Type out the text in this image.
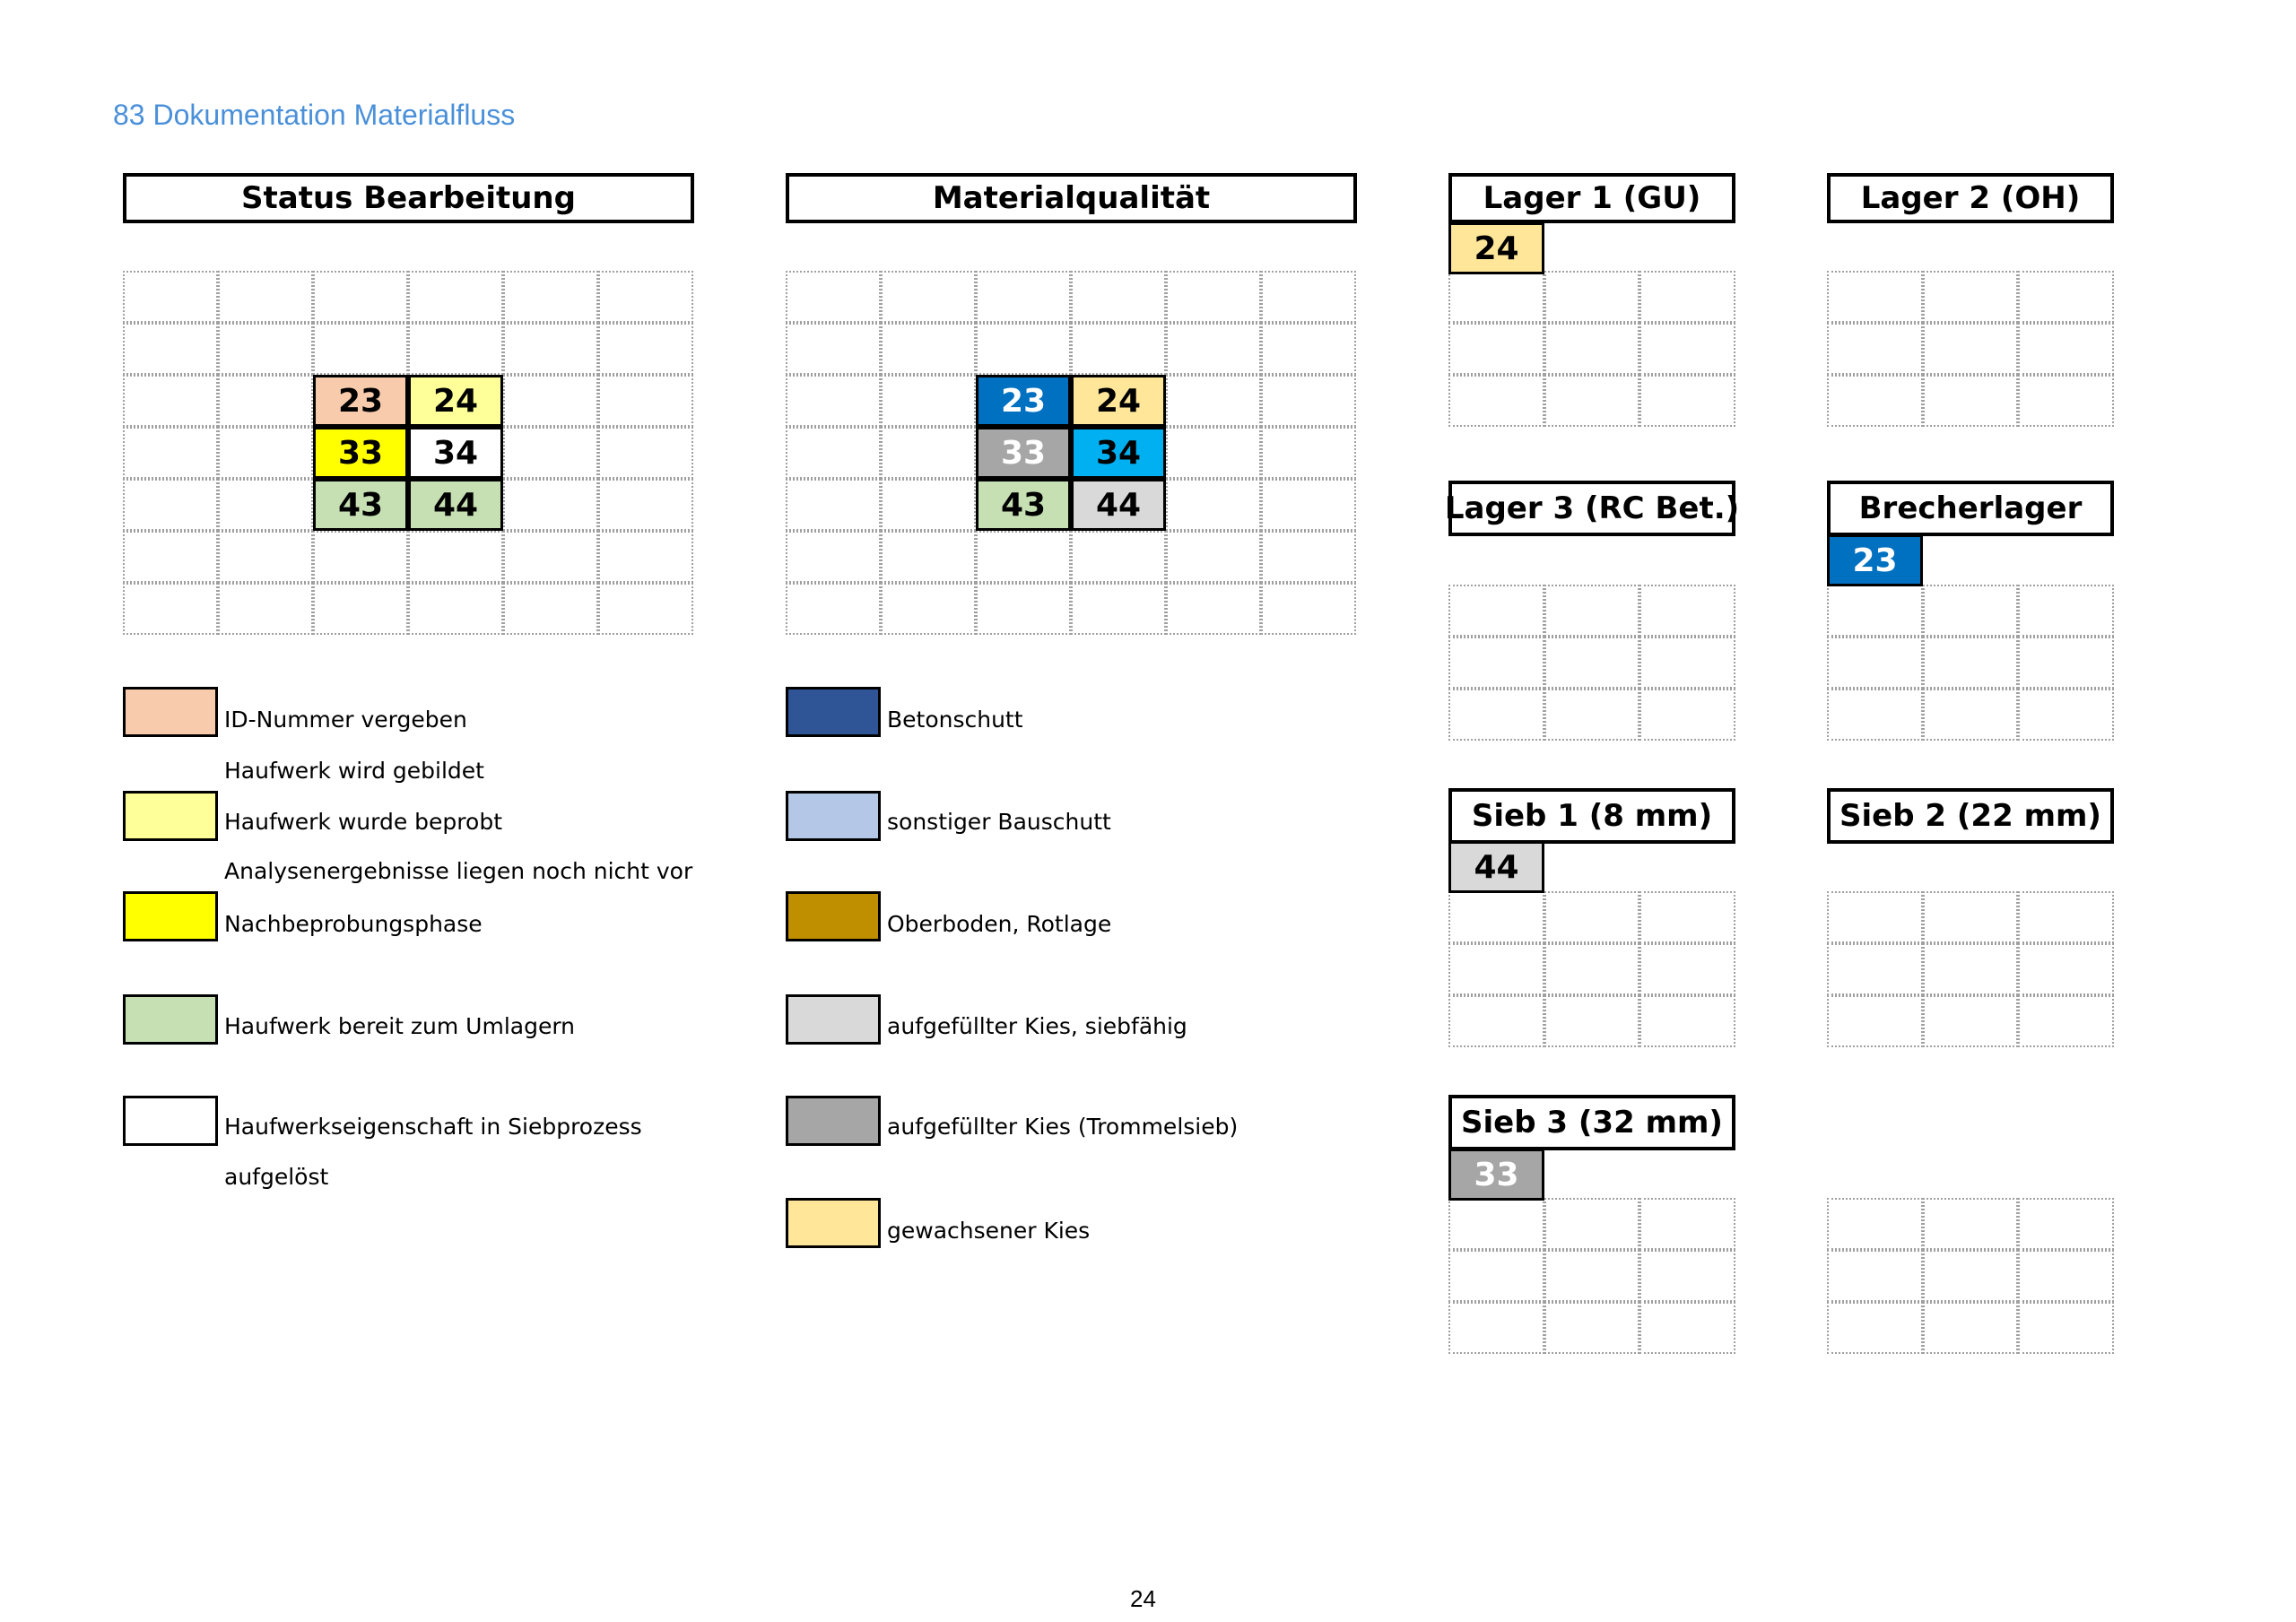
83 Dokumentation Materialfluss
Status Bearbeitung
23	24
33	34
43	44
Materialqualität
23	24
33	34
43	44
ID-Nummer vergeben
Haufwerk wird gebildet
Haufwerk wurde beprobt
Analysenergebnisse liegen noch nicht vor
Nachbeprobungsphase
Haufwerk bereit zum Umlagern
Haufwerkseigenschaft in Siebprozess
aufgelöst
Betonschutt
sonstiger Bauschutt
Oberboden, Rotlage
aufgefüllter Kies, siebfähig
aufgefüllter Kies (Trommelsieb)
gewachsener Kies
Lager 1 (GU)	Lager 2 (OH)
Lager 3 (RC Bet.)	Brecherlager
Sieb 1 (8 mm)	Sieb 2 (22 mm)
Sieb 3 (32 mm)
24
23
44
33
24
